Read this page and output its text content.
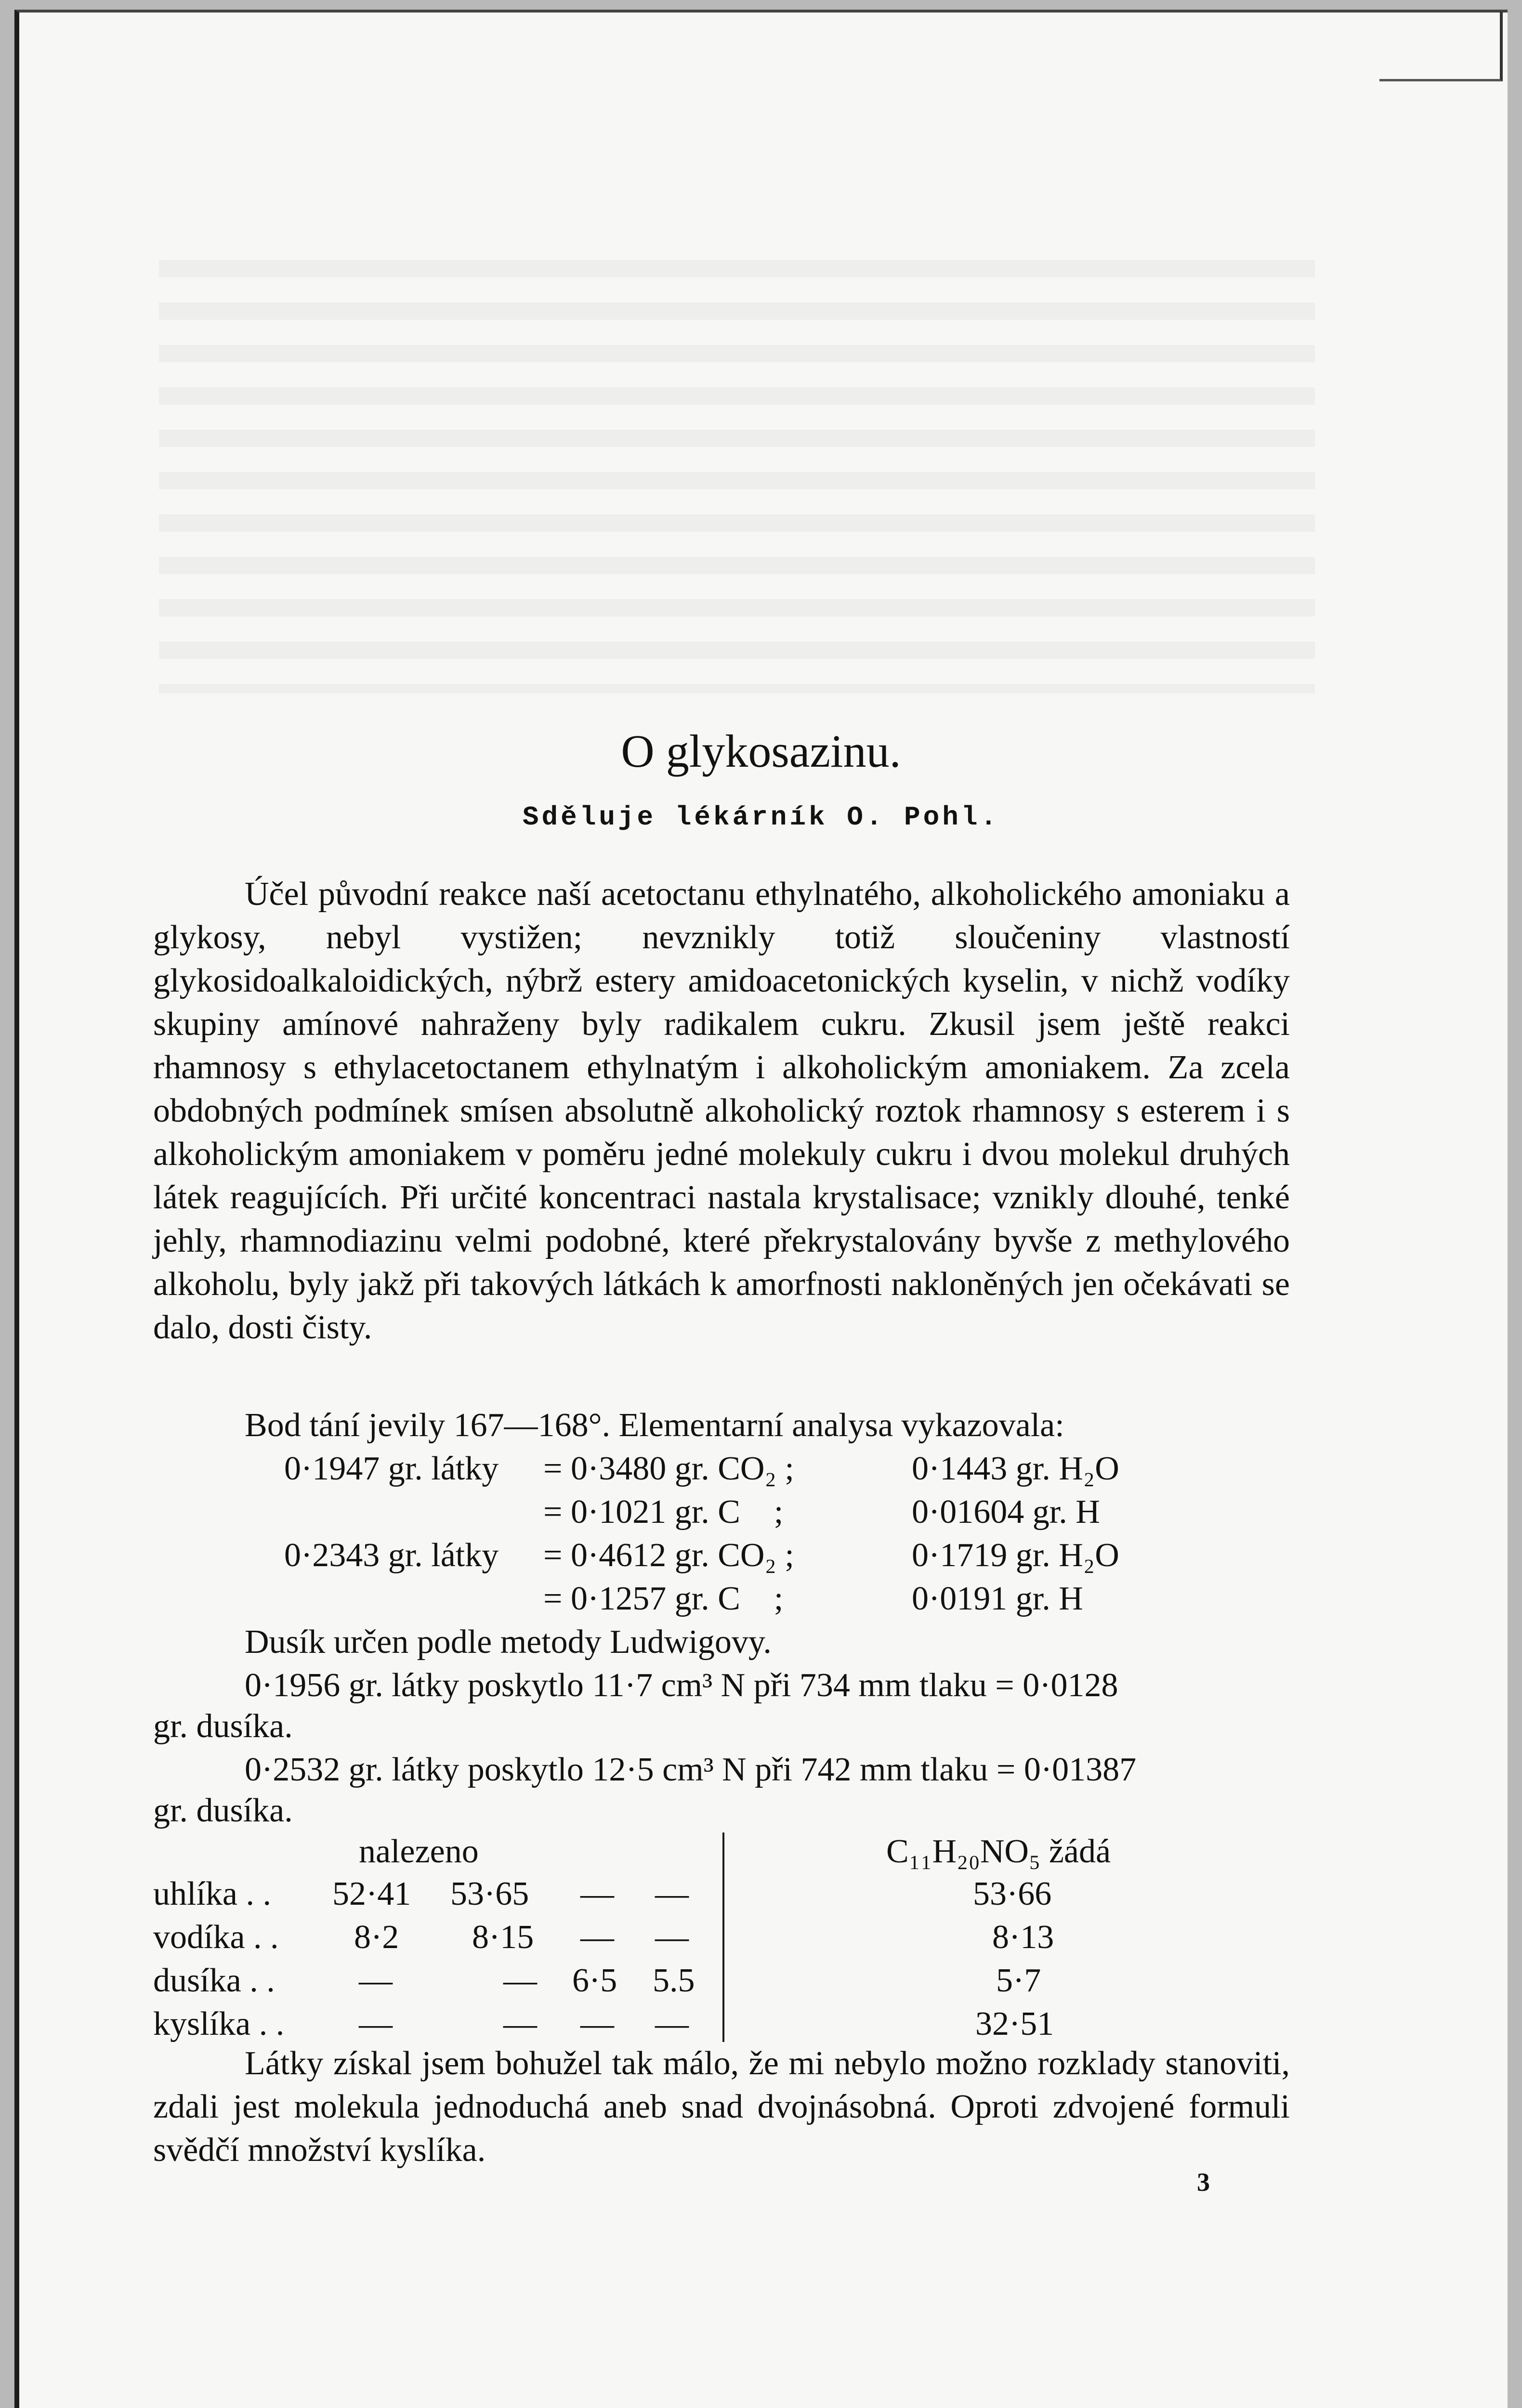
O glykosazinu.
Sděluje lékárník O. Pohl.

Účel původní reakce naší acetoctanu ethylnatého, alkoholického amoniaku a glykosy, nebyl vystižen; nevznikly totiž sloučeniny vlastností glykosidoalkaloidických, nýbrž estery amidoacetonických kyselin, v nichž vodíky skupiny amínové nahraženy byly radikalem cukru. Zkusil jsem ještě reakci rhamnosy s ethylacetoctanem ethylnatým i alkoholickým amoniakem. Za zcela obdobných podmínek smísen absolutně alkoholický roztok rhamnosy s esterem i s alkoholickým amoniakem v poměru jedné molekuly cukru i dvou molekul druhých látek reagujících. Při určité koncentraci nastala krystalisace; vznikly dlouhé, tenké jehly, rhamnodiazinu velmi podobné, které překrystalovány byvše z methylového alkoholu, byly jakž při takových látkách k amorfnosti nakloněných jen očekávati se dalo, dosti čisty.

Bod tání jevily 167—168°. Elementarní analysa vykazovala:
0·1947 gr. látky = 0·3480 gr. CO₂ ;	0·1443 gr. H₂O
= 0·1021 gr. C    ;	0·01604 gr. H
0·2343 gr. látky = 0·4612 gr. CO₂ ;	0·1719 gr. H₂O
= 0·1257 gr. C    ;	0·0191 gr. H
Dusík určen podle metody Ludwigovy.
0·1956 gr. látky poskytlo 11·7 cm³ N při 734 mm tlaku = 0·0128
gr. dusíka.
0·2532 gr. látky poskytlo 12·5 cm³ N při 742 mm tlaku = 0·01387
gr. dusíka.
nalezeno	C₁₁H₂₀NO₅ žádá
uhlíka . . 52·41 53·65 — —	53·66
vodíka . . 8·2 8·15 — —	8·13
dusíka . . —	— 6·5 5.5	5·7
kyslíka . . —	— — —	32·51

Látky získal jsem bohužel tak málo, že mi nebylo možno rozklady stanoviti, zdali jest molekula jednoduchá aneb snad dvojnásobná. Oproti zdvojené formuli svědčí množství kyslíka.

3
